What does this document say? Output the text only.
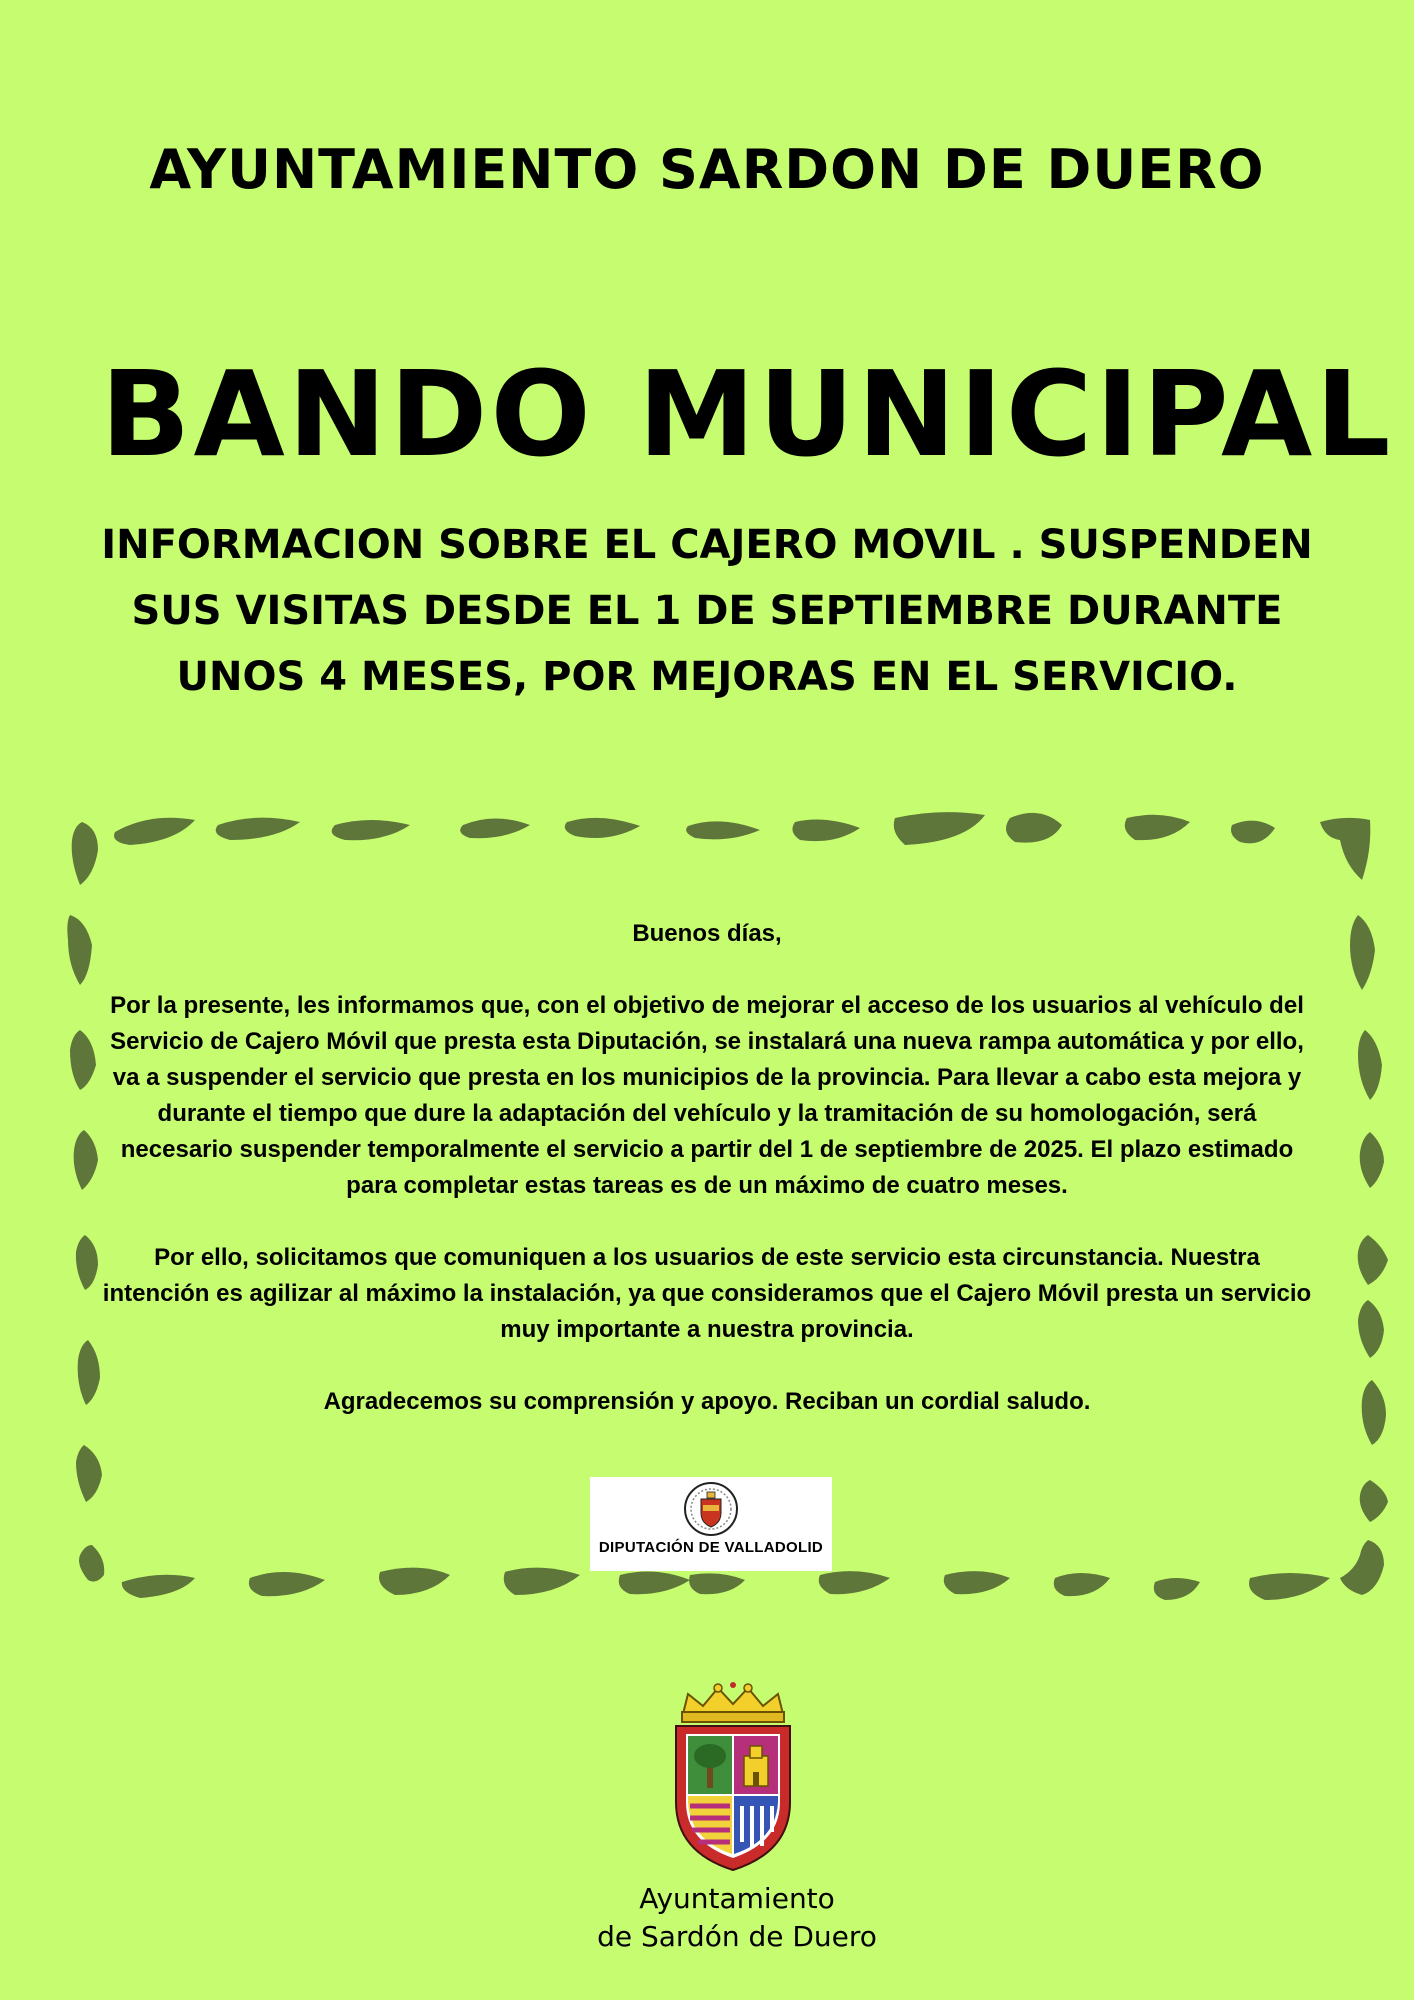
AYUNTAMIENTO SARDON DE DUERO
BANDO MUNICIPAL
INFORMACION SOBRE EL CAJERO MOVIL . SUSPENDEN
SUS VISITAS DESDE EL 1 DE SEPTIEMBRE DURANTE
UNOS 4 MESES, POR MEJORAS EN EL SERVICIO.

Buenos días,

Por la presente, les informamos que, con el objetivo de mejorar el acceso de los usuarios al vehículo del Servicio de Cajero Móvil que presta esta Diputación, se instalará una nueva rampa automática y por ello, va a suspender el servicio que presta en los municipios de la provincia. Para llevar a cabo esta mejora y durante el tiempo que dure la adaptación del vehículo y la tramitación de su homologación, será necesario suspender temporalmente el servicio a partir del 1 de septiembre de 2025. El plazo estimado para completar estas tareas es de un máximo de cuatro meses.

Por ello, solicitamos que comuniquen a los usuarios de este servicio esta circunstancia. Nuestra intención es agilizar al máximo la instalación, ya que consideramos que el Cajero Móvil presta un servicio muy importante a nuestra provincia.

Agradecemos su comprensión y apoyo. Reciban un cordial saludo.

DIPUTACIÓN DE VALLADOLID
Ayuntamiento
de Sardón de Duero
